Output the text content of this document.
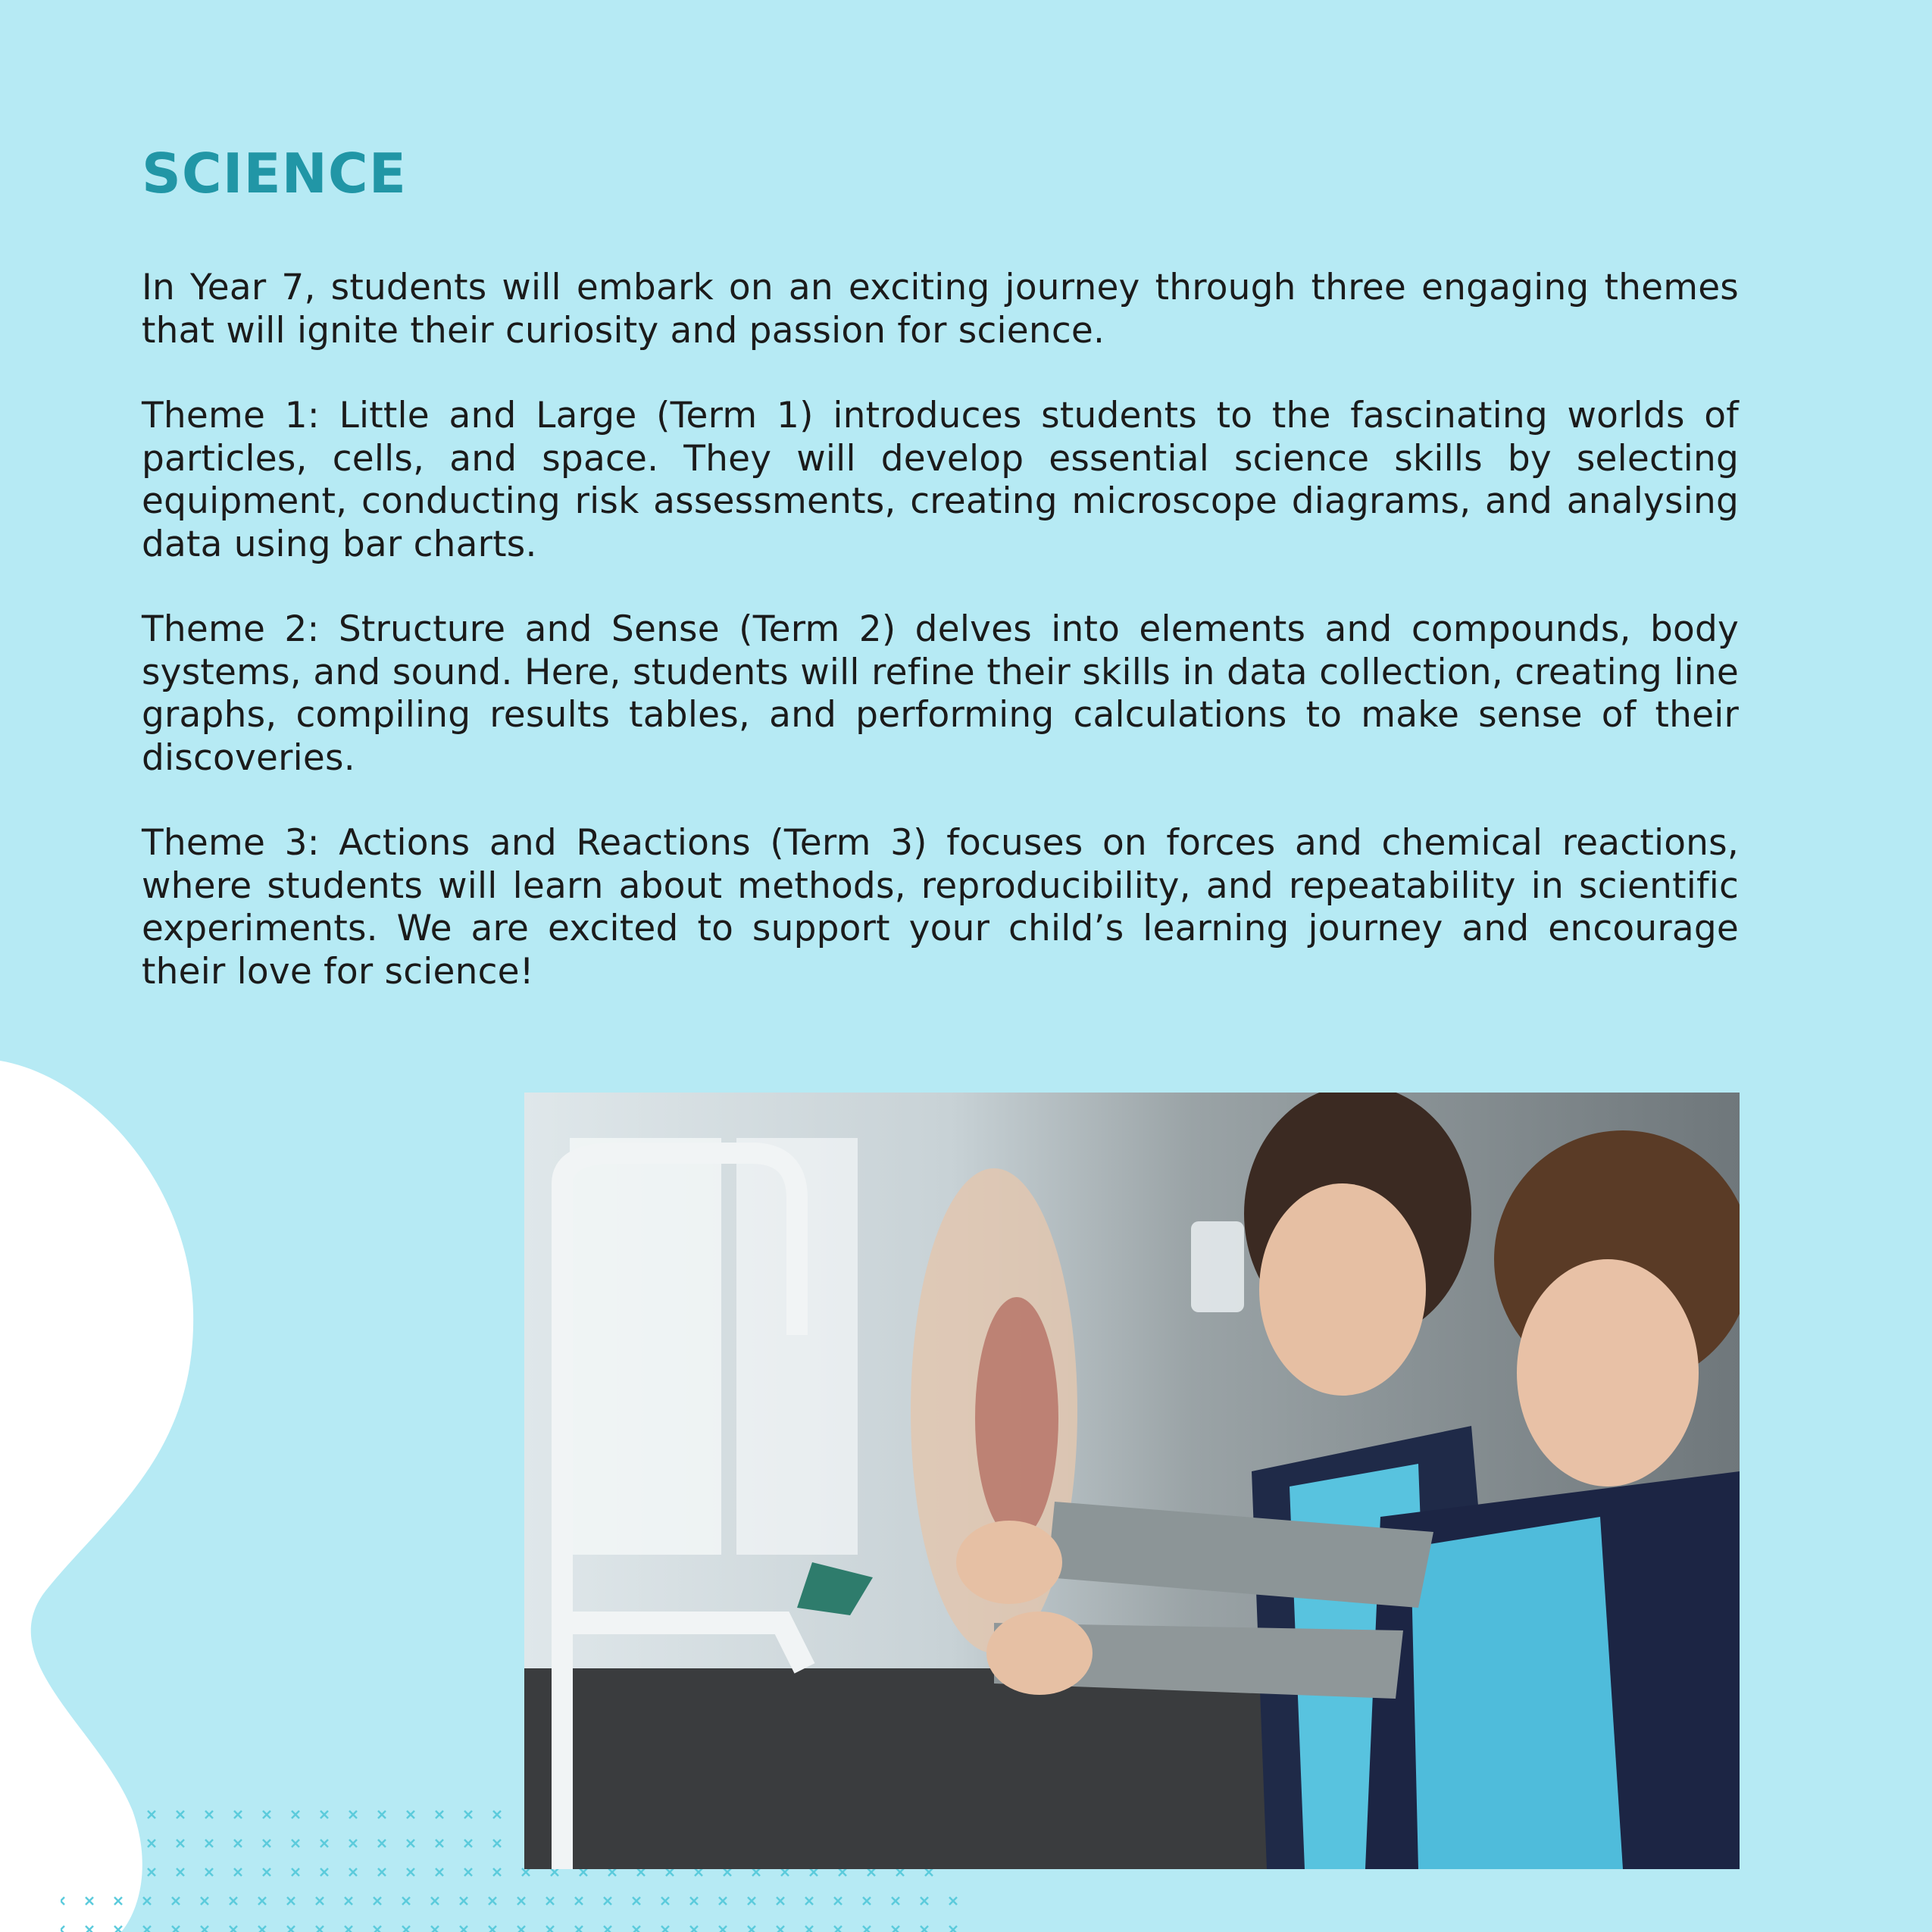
SCIENCE

In Year 7, students will embark on an exciting journey through three engaging themes that will ignite their curiosity and passion for science.

Theme 1: Little and Large (Term 1) introduces students to the fascinating worlds of particles, cells, and space. They will develop essential science skills by selecting equipment, conducting risk assessments, creating microscope diagrams, and analysing data using bar charts.

Theme 2: Structure and Sense (Term 2) delves into elements and compounds, body systems, and sound. Here, students will refine their skills in data collection, creating line graphs, compiling results tables, and performing calculations to make sense of their discoveries.

Theme 3: Actions and Reactions (Term 3) focuses on forces and chemical reactions, where students will learn about methods, reproducibility, and repeatability in scientific experiments. We are excited to support your child’s learning journey and encourage their love for science!
